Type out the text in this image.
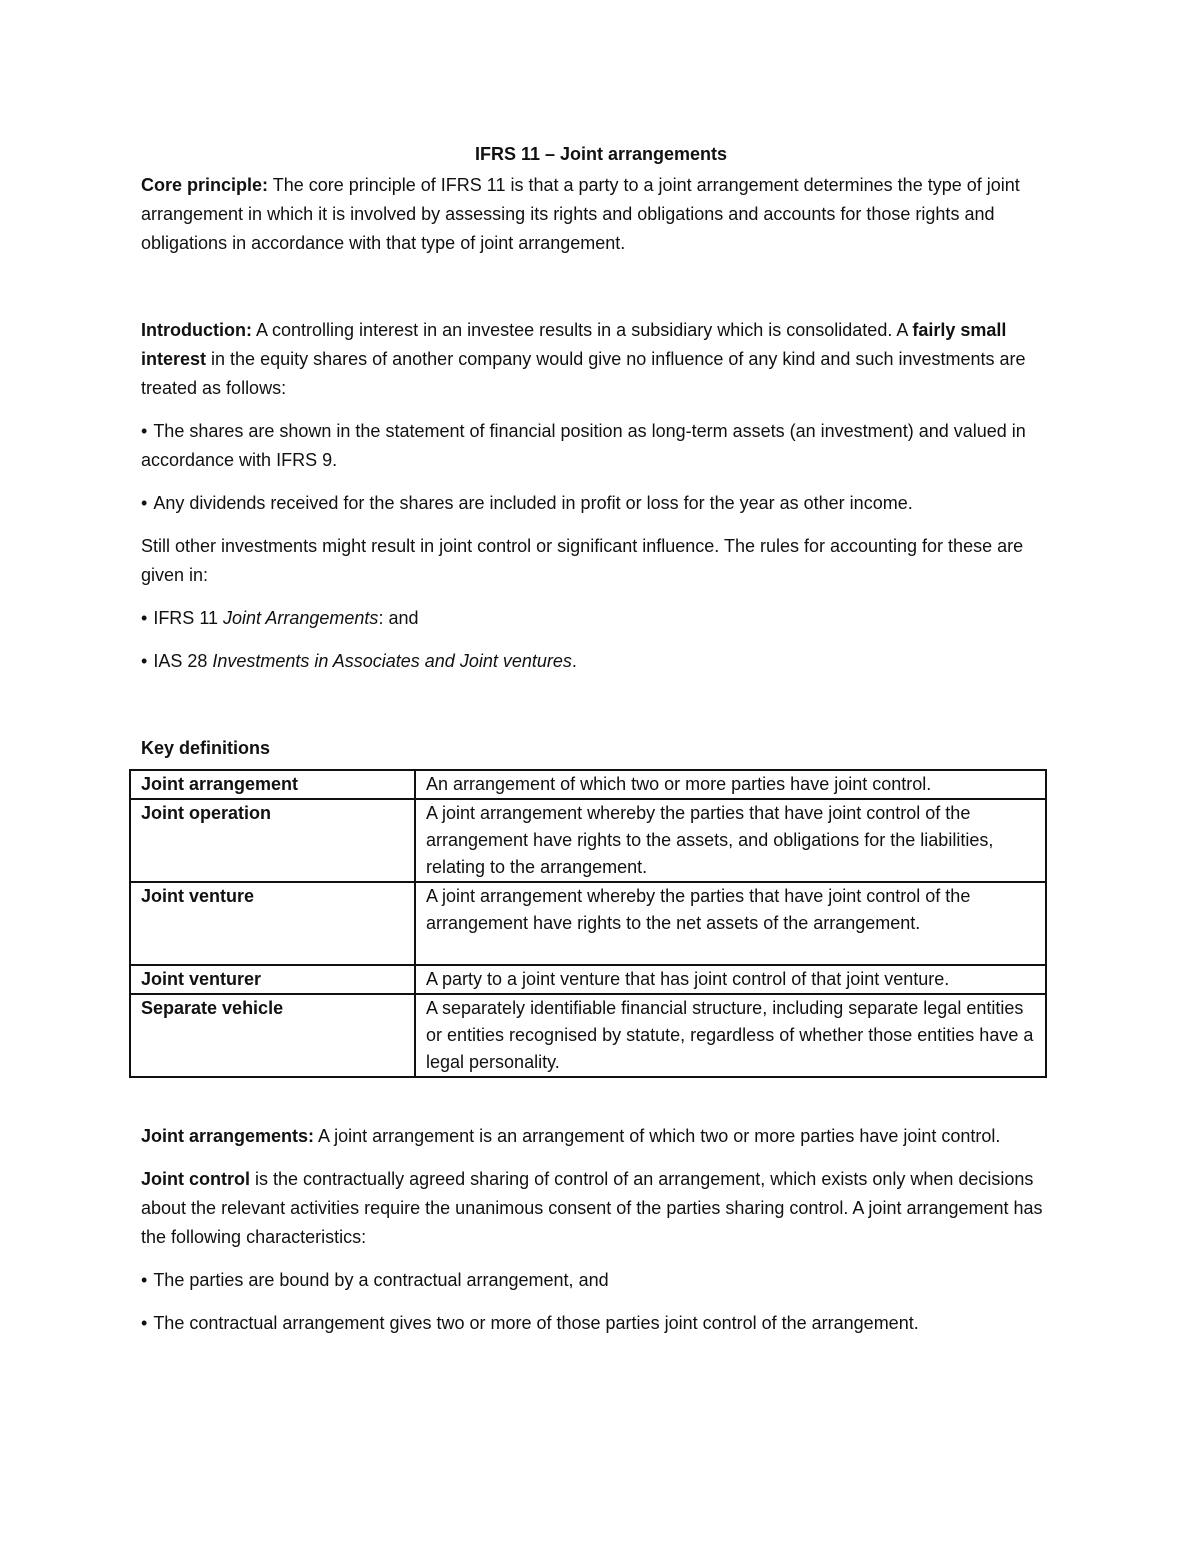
IFRS 11 – Joint arrangements

Core principle: The core principle of IFRS 11 is that a party to a joint arrangement determines the type of joint arrangement in which it is involved by assessing its rights and obligations and accounts for those rights and obligations in accordance with that type of joint arrangement.

Introduction: A controlling interest in an investee results in a subsidiary which is consolidated. A fairly small interest in the equity shares of another company would give no influence of any kind and such investments are treated as follows:

• The shares are shown in the statement of financial position as long-term assets (an investment) and valued in accordance with IFRS 9.

• Any dividends received for the shares are included in profit or loss for the year as other income.

Still other investments might result in joint control or significant influence. The rules for accounting for these are given in:

• IFRS 11 Joint Arrangements: and

• IAS 28 Investments in Associates and Joint ventures.

Key definitions

Joint arrangement	An arrangement of which two or more parties have joint control.
Joint operation	A joint arrangement whereby the parties that have joint control of the arrangement have rights to the assets, and obligations for the liabilities, relating to the arrangement.
Joint venture	A joint arrangement whereby the parties that have joint control of the arrangement have rights to the net assets of the arrangement.
Joint venturer	A party to a joint venture that has joint control of that joint venture.
Separate vehicle	A separately identifiable financial structure, including separate legal entities or entities recognised by statute, regardless of whether those entities have a legal personality.

Joint arrangements: A joint arrangement is an arrangement of which two or more parties have joint control.

Joint control is the contractually agreed sharing of control of an arrangement, which exists only when decisions about the relevant activities require the unanimous consent of the parties sharing control. A joint arrangement has the following characteristics:

• The parties are bound by a contractual arrangement, and

• The contractual arrangement gives two or more of those parties joint control of the arrangement.
